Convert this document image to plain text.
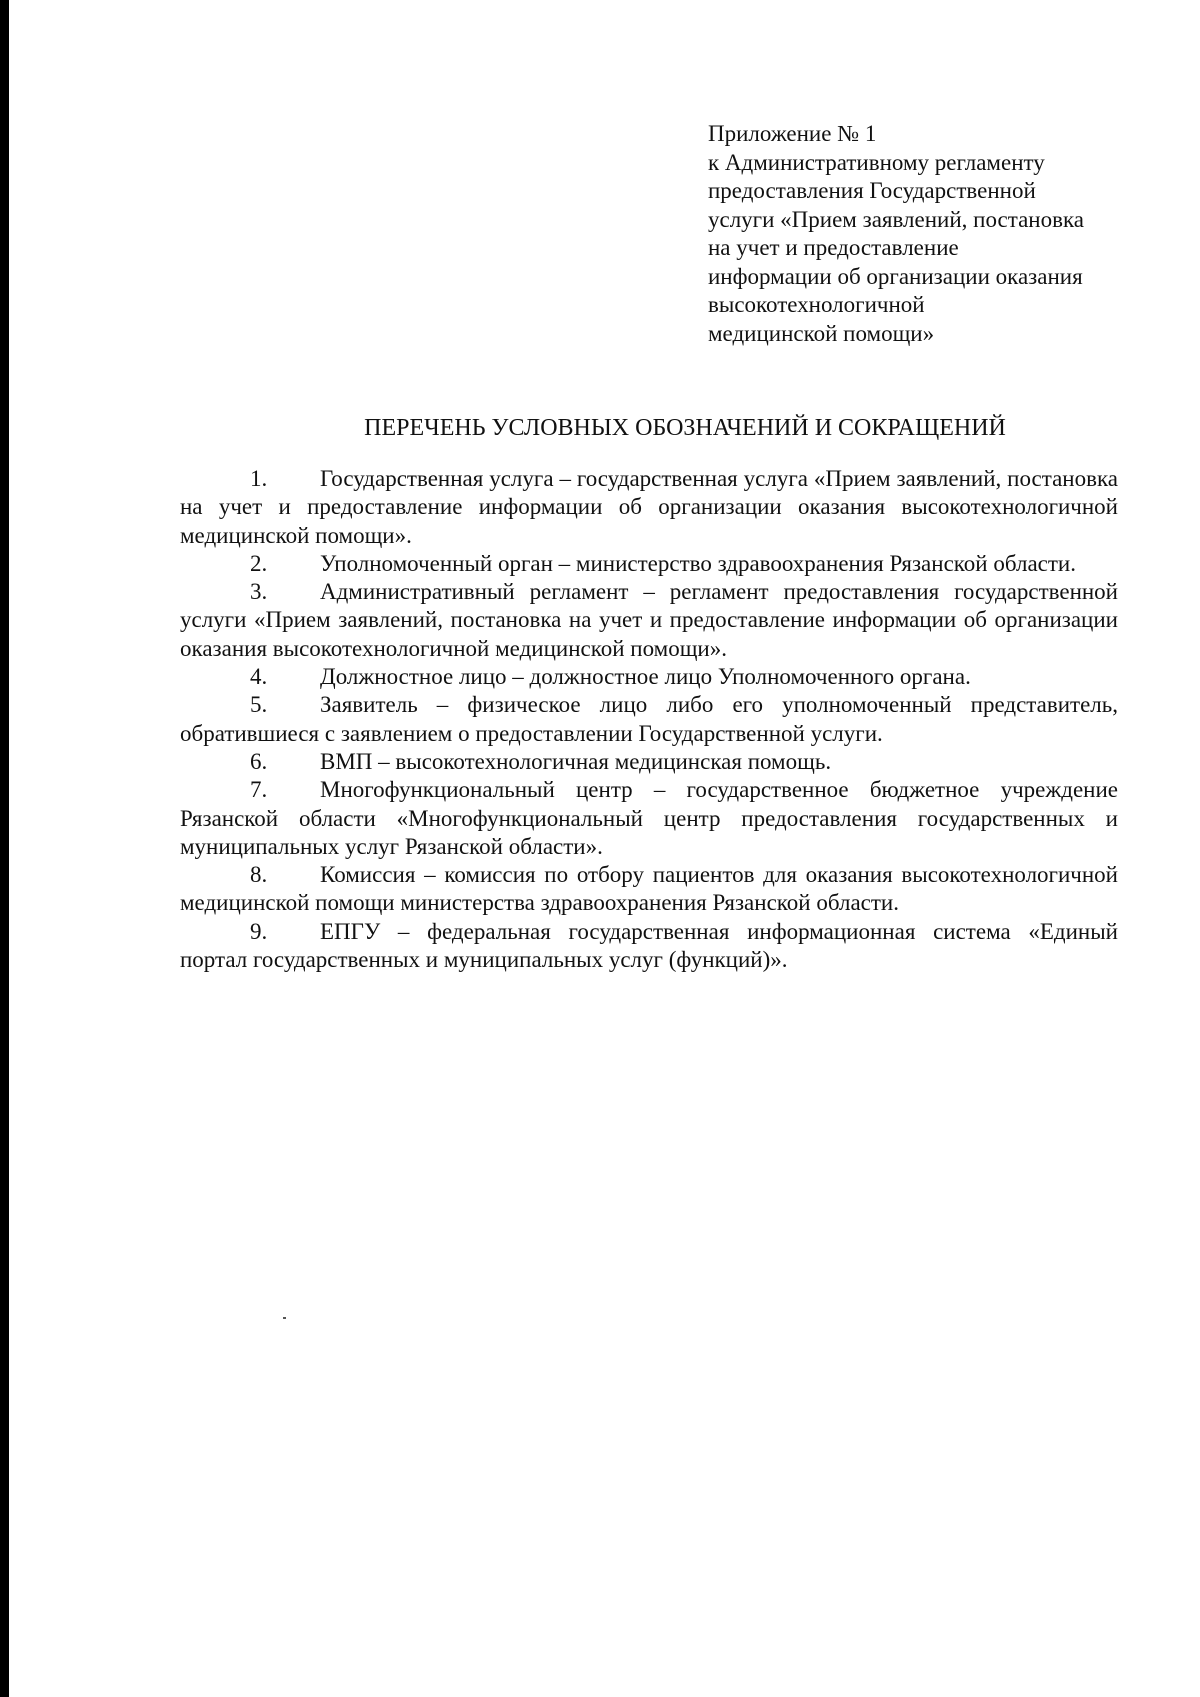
Приложение № 1
к Административному регламенту
предоставления Государственной
услуги «Прием заявлений, постановка
на учет и предоставление
информации об организации оказания
высокотехнологичной
медицинской помощи»
ПЕРЕЧЕНЬ УСЛОВНЫХ ОБОЗНАЧЕНИЙ И СОКРАЩЕНИЙ

1. Государственная услуга – государственная услуга «Прием заявлений, постановка на учет и предоставление информации об организации оказания высокотехнологичной медицинской помощи».

2. Уполномоченный орган – министерство здравоохранения Рязанской области.

3. Административный регламент – регламент предоставления государственной услуги «Прием заявлений, постановка на учет и предоставление информации об организации оказания высокотехнологичной медицинской помощи».

4. Должностное лицо – должностное лицо Уполномоченного органа.

5. Заявитель – физическое лицо либо его уполномоченный представитель, обратившиеся с заявлением о предоставлении Государственной услуги.

6. ВМП – высокотехнологичная медицинская помощь.

7. Многофункциональный центр – государственное бюджетное учреждение Рязанской области «Многофункциональный центр предоставления государственных и муниципальных услуг Рязанской области».

8. Комиссия – комиссия по отбору пациентов для оказания высокотехнологичной медицинской помощи министерства здравоохранения Рязанской области.

9. ЕПГУ – федеральная государственная информационная система «Единый портал государственных и муниципальных услуг (функций)».
